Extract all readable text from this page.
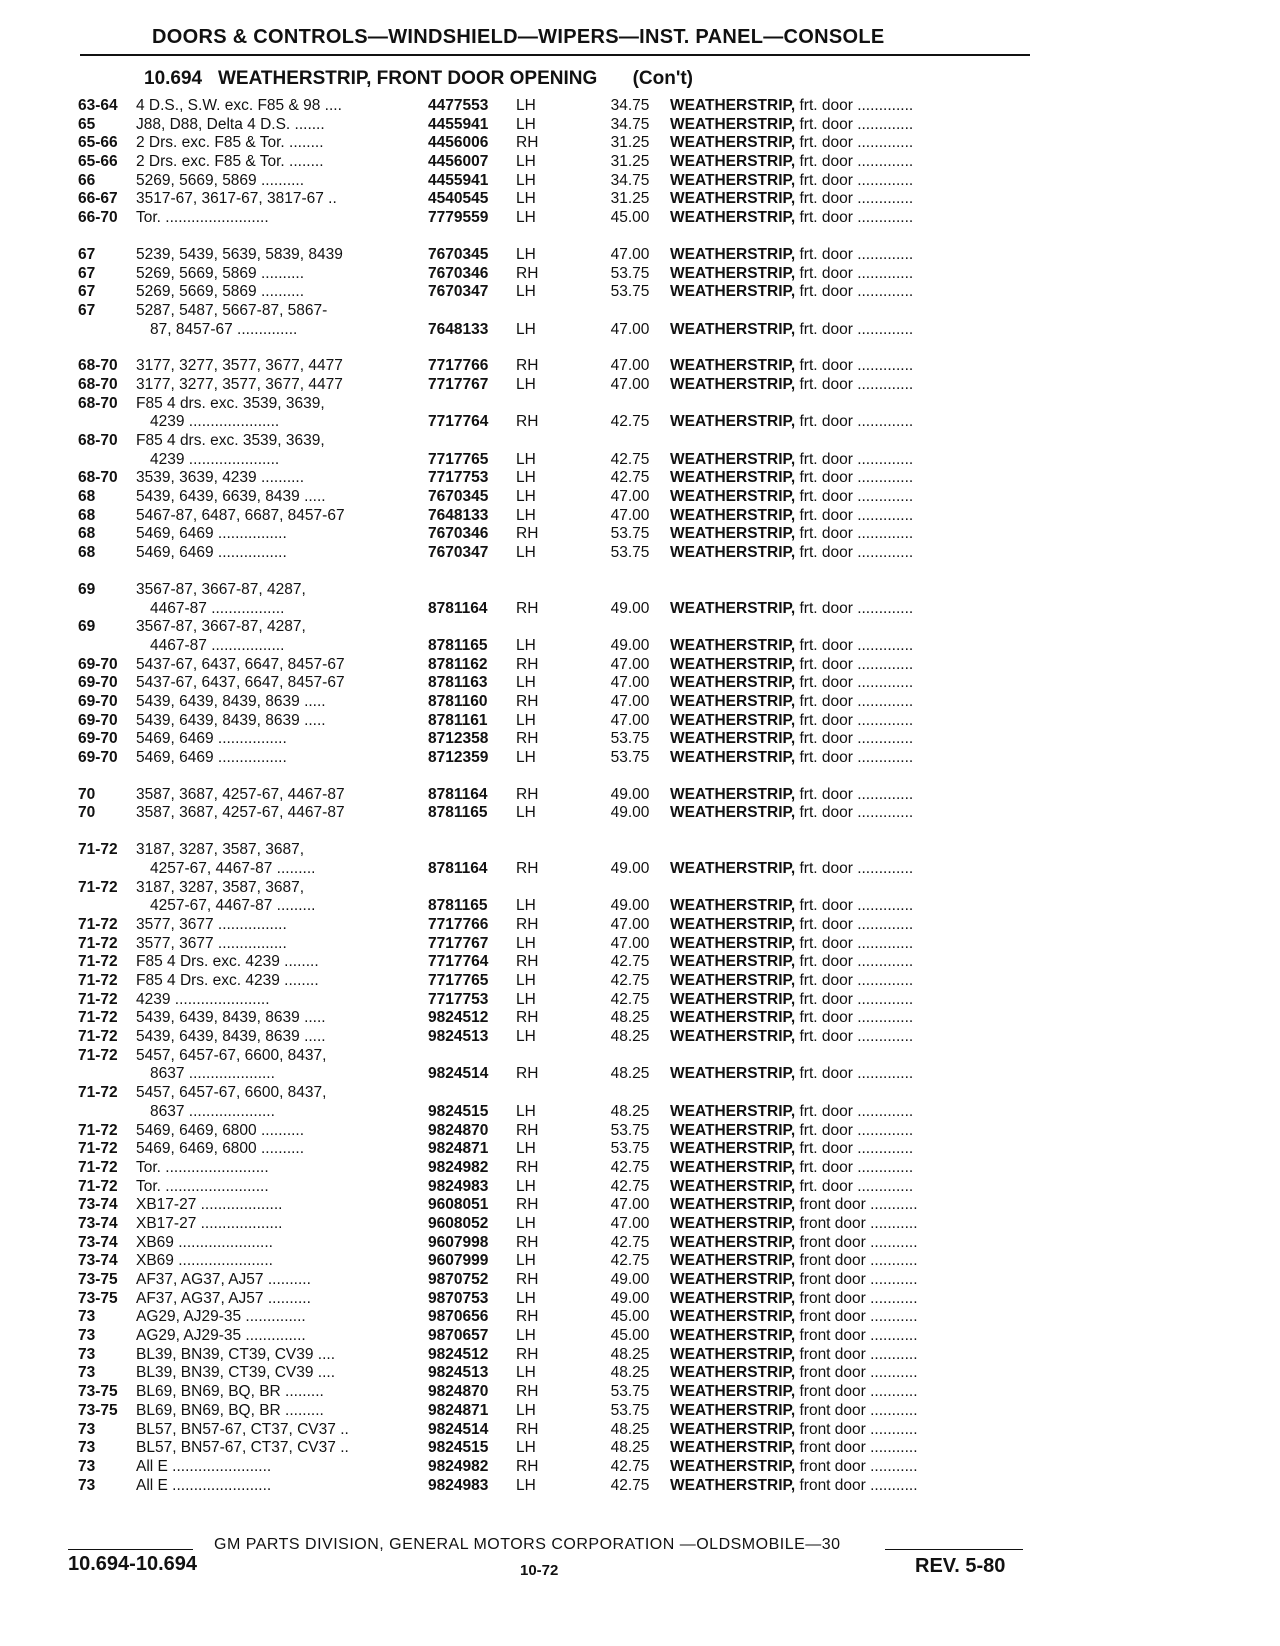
DOORS & CONTROLS—WINDSHIELD—WIPERS—INST. PANEL—CONSOLE
10.694 WEATHERSTRIP, FRONT DOOR OPENING (Con't)
63-64 4 D.S., S.W. exc. F85 & 98 ....	4477553 LH	34.75	WEATHERSTRIP, frt. door .............
65	J88, D88, Delta 4 D.S. .......	4455941 LH	34.75	WEATHERSTRIP, frt. door .............
65-66 2 Drs. exc. F85 & Tor. ........	4456006 RH	31.25	WEATHERSTRIP, frt. door .............
65-66 2 Drs. exc. F85 & Tor. ........	4456007 LH	31.25	WEATHERSTRIP, frt. door .............
66	5269, 5669, 5869 ..........	4455941 LH	34.75	WEATHERSTRIP, frt. door .............
66-67 3517-67, 3617-67, 3817-67 ..	4540545 LH	31.25	WEATHERSTRIP, frt. door .............
66-70 Tor. ........................	7779559 LH	45.00	WEATHERSTRIP, frt. door .............
67	5239, 5439, 5639, 5839, 8439	7670345 LH	47.00	WEATHERSTRIP, frt. door .............
67	5269, 5669, 5869 ..........	7670346 RH	53.75	WEATHERSTRIP, frt. door .............
67	5269, 5669, 5869 ..........	7670347 LH	53.75	WEATHERSTRIP, frt. door .............
67	5287, 5487, 5667-87, 5867-
87, 8457-67 ..............	7648133 LH	47.00	WEATHERSTRIP, frt. door .............
68-70 3177, 3277, 3577, 3677, 4477	7717766 RH	47.00	WEATHERSTRIP, frt. door .............
68-70 3177, 3277, 3577, 3677, 4477	7717767 LH	47.00	WEATHERSTRIP, frt. door .............
68-70 F85 4 drs. exc. 3539, 3639,
4239 .....................	7717764 RH	42.75	WEATHERSTRIP, frt. door .............
68-70 F85 4 drs. exc. 3539, 3639,
4239 .....................	7717765 LH	42.75	WEATHERSTRIP, frt. door .............
68-70 3539, 3639, 4239 ..........	7717753 LH	42.75	WEATHERSTRIP, frt. door .............
68	5439, 6439, 6639, 8439 .....	7670345 LH	47.00	WEATHERSTRIP, frt. door .............
68	5467-87, 6487, 6687, 8457-67	7648133 LH	47.00	WEATHERSTRIP, frt. door .............
68	5469, 6469 ................	7670346 RH	53.75	WEATHERSTRIP, frt. door .............
68	5469, 6469 ................	7670347 LH	53.75	WEATHERSTRIP, frt. door .............
69	3567-87, 3667-87, 4287,
4467-87 .................	8781164 RH	49.00	WEATHERSTRIP, frt. door .............
69	3567-87, 3667-87, 4287,
4467-87 .................	8781165 LH	49.00	WEATHERSTRIP, frt. door .............
69-70 5437-67, 6437, 6647, 8457-67	8781162 RH	47.00	WEATHERSTRIP, frt. door .............
69-70 5437-67, 6437, 6647, 8457-67	8781163 LH	47.00	WEATHERSTRIP, frt. door .............
69-70 5439, 6439, 8439, 8639 .....	8781160 RH	47.00	WEATHERSTRIP, frt. door .............
69-70 5439, 6439, 8439, 8639 .....	8781161 LH	47.00	WEATHERSTRIP, frt. door .............
69-70 5469, 6469 ................	8712358 RH	53.75	WEATHERSTRIP, frt. door .............
69-70 5469, 6469 ................	8712359 LH	53.75	WEATHERSTRIP, frt. door .............
70	3587, 3687, 4257-67, 4467-87	8781164 RH	49.00	WEATHERSTRIP, frt. door .............
70	3587, 3687, 4257-67, 4467-87	8781165 LH	49.00	WEATHERSTRIP, frt. door .............
71-72 3187, 3287, 3587, 3687,
4257-67, 4467-87 .........	8781164 RH	49.00	WEATHERSTRIP, frt. door .............
71-72 3187, 3287, 3587, 3687,
4257-67, 4467-87 .........	8781165 LH	49.00	WEATHERSTRIP, frt. door .............
71-72 3577, 3677 ................	7717766 RH	47.00	WEATHERSTRIP, frt. door .............
71-72 3577, 3677 ................	7717767 LH	47.00	WEATHERSTRIP, frt. door .............
71-72 F85 4 Drs. exc. 4239 ........	7717764 RH	42.75	WEATHERSTRIP, frt. door .............
71-72 F85 4 Drs. exc. 4239 ........	7717765 LH	42.75	WEATHERSTRIP, frt. door .............
71-72 4239 ......................	7717753 LH	42.75	WEATHERSTRIP, frt. door .............
71-72 5439, 6439, 8439, 8639 .....	9824512 RH	48.25	WEATHERSTRIP, frt. door .............
71-72 5439, 6439, 8439, 8639 .....	9824513 LH	48.25	WEATHERSTRIP, frt. door .............
71-72 5457, 6457-67, 6600, 8437,
8637 ....................	9824514 RH	48.25	WEATHERSTRIP, frt. door .............
71-72 5457, 6457-67, 6600, 8437,
8637 ....................	9824515 LH	48.25	WEATHERSTRIP, frt. door .............
71-72 5469, 6469, 6800 ..........	9824870 RH	53.75	WEATHERSTRIP, frt. door .............
71-72 5469, 6469, 6800 ..........	9824871 LH	53.75	WEATHERSTRIP, frt. door .............
71-72 Tor. ........................	9824982 RH	42.75	WEATHERSTRIP, frt. door .............
71-72 Tor. ........................	9824983 LH	42.75	WEATHERSTRIP, frt. door .............
73-74 XB17-27 ...................	9608051 RH	47.00	WEATHERSTRIP, front door ...........
73-74 XB17-27 ...................	9608052 LH	47.00	WEATHERSTRIP, front door ...........
73-74 XB69 ......................	9607998 RH	42.75	WEATHERSTRIP, front door ...........
73-74 XB69 ......................	9607999 LH	42.75	WEATHERSTRIP, front door ...........
73-75 AF37, AG37, AJ57 ..........	9870752 RH	49.00	WEATHERSTRIP, front door ...........
73-75 AF37, AG37, AJ57 ..........	9870753 LH	49.00	WEATHERSTRIP, front door ...........
73	AG29, AJ29-35 ..............	9870656 RH	45.00	WEATHERSTRIP, front door ...........
73	AG29, AJ29-35 ..............	9870657 LH	45.00	WEATHERSTRIP, front door ...........
73	BL39, BN39, CT39, CV39 ....	9824512 RH	48.25	WEATHERSTRIP, front door ...........
73	BL39, BN39, CT39, CV39 ....	9824513 LH	48.25	WEATHERSTRIP, front door ...........
73-75 BL69, BN69, BQ, BR .........	9824870 RH	53.75	WEATHERSTRIP, front door ...........
73-75 BL69, BN69, BQ, BR .........	9824871 LH	53.75	WEATHERSTRIP, front door ...........
73	BL57, BN57-67, CT37, CV37 ..	9824514 RH	48.25	WEATHERSTRIP, front door ...........
73	BL57, BN57-67, CT37, CV37 ..	9824515 LH	48.25	WEATHERSTRIP, front door ...........
73	All E .......................	9824982 RH	42.75	WEATHERSTRIP, front door ...........
73	All E .......................	9824983 LH	42.75	WEATHERSTRIP, front door ...........
GM PARTS DIVISION, GENERAL MOTORS CORPORATION —OLDSMOBILE—30
10.694-10.694	10-72	REV. 5-80
